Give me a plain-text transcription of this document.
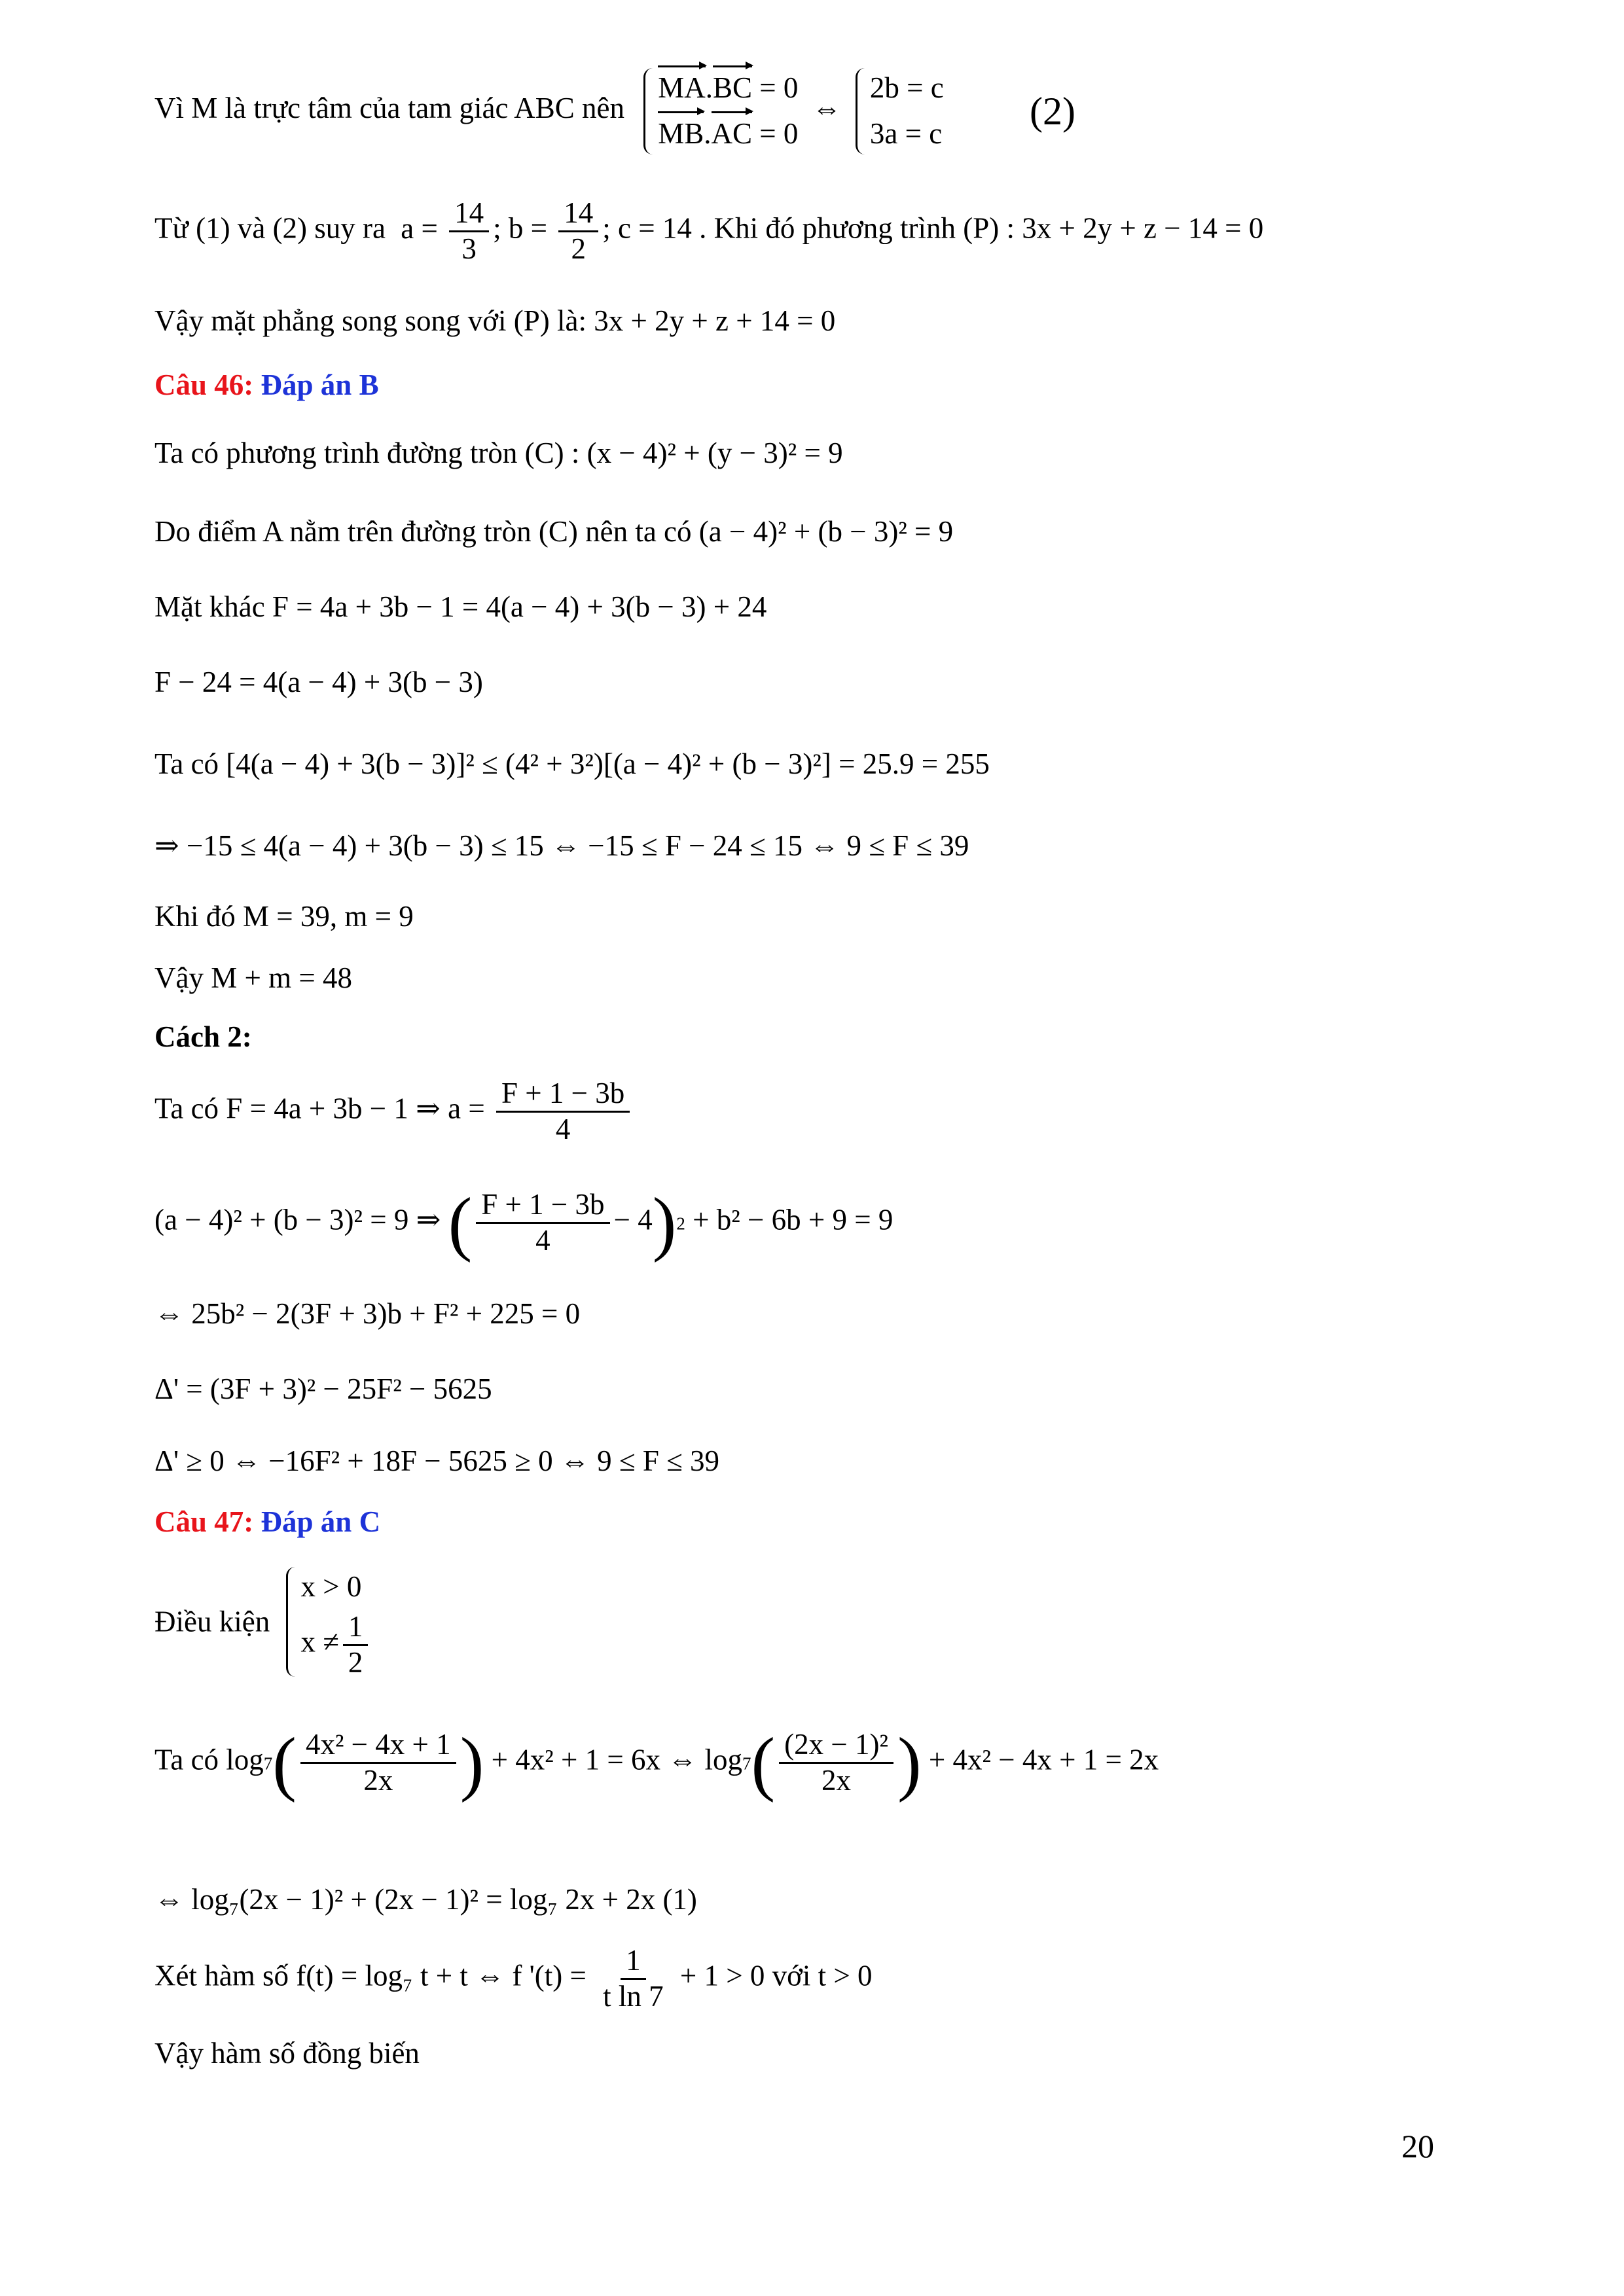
Vì M là trực tâm của tam giác ABC nên
MA.BC = 0
MB.AC = 0
⇔
2b = c
3a = c
(2)
Từ (1) và (2) suy ra $a = \frac{14}{3}$ ; $b = \frac{14}{2}$ ; c = 14 . Khi đó phương trình (P) : 3x + 2y + z − 14 = 0
Vậy mặt phẳng song song với (P) là: 3x + 2y + z + 14 = 0
Câu 46: Đáp án B
Ta có phương trình đường tròn (C) : (x − 4)² + (y − 3)² = 9
Do điểm A nằm trên đường tròn (C) nên ta có (a − 4)² + (b − 3)² = 9
Mặt khác F = 4a + 3b − 1 = 4(a − 4) + 3(b − 3) + 24
F − 24 = 4(a − 4) + 3(b − 3)
Ta có [4(a − 4) + 3(b − 3)]² ≤ (4² + 3²)[(a − 4)² + (b − 3)²] = 25.9 = 255
⇒ −15 ≤ 4(a − 4) + 3(b − 3) ≤ 15 ⇔ −15 ≤ F − 24 ≤ 15 ⇔ 9 ≤ F ≤ 39
Khi đó M = 39, m = 9
Vậy M + m = 48
Cách 2:
Ta có F = 4a + 3b − 1 ⇒ $a = \frac{F + 1 - 3b}{4}$
(a − 4)² + (b − 3)² = 9 ⇒ ( $\frac{F + 1 - 3b}{4} - 4)^2 + b^2 - 6b + 9 = 9$
⇔ 25b² − 2(3F + 3)b + F² + 225 = 0
Δ' = (3F + 3)² − 25F² − 5625
Δ' ≥ 0 ⇔ −16F² + 18F − 5625 ≥ 0 ⇔ 9 ≤ F ≤ 39
Câu 47: Đáp án C
Điều kiện
x > 0
$x \ne \frac{1}{2}$
Ta có $\log_7( \frac{\text{4x² − 4x + 1}}{2x}$ ) + 4x² + 1 = 6x ⇔ $\log_7( \frac{\text{(2x − 1)²}}{2x}$ ) + 4x² − 4x + 1 = 2x
⇔ log₇(2x − 1)² + (2x − 1)² = log₇ 2x + 2x (1)
Xét hàm số f(t) = log₇ t + t ⇔ f '$(t) = \frac{1}{\text{t ln 7}} + 1 > 0$ với t > 0
Vậy hàm số đồng biến
20
